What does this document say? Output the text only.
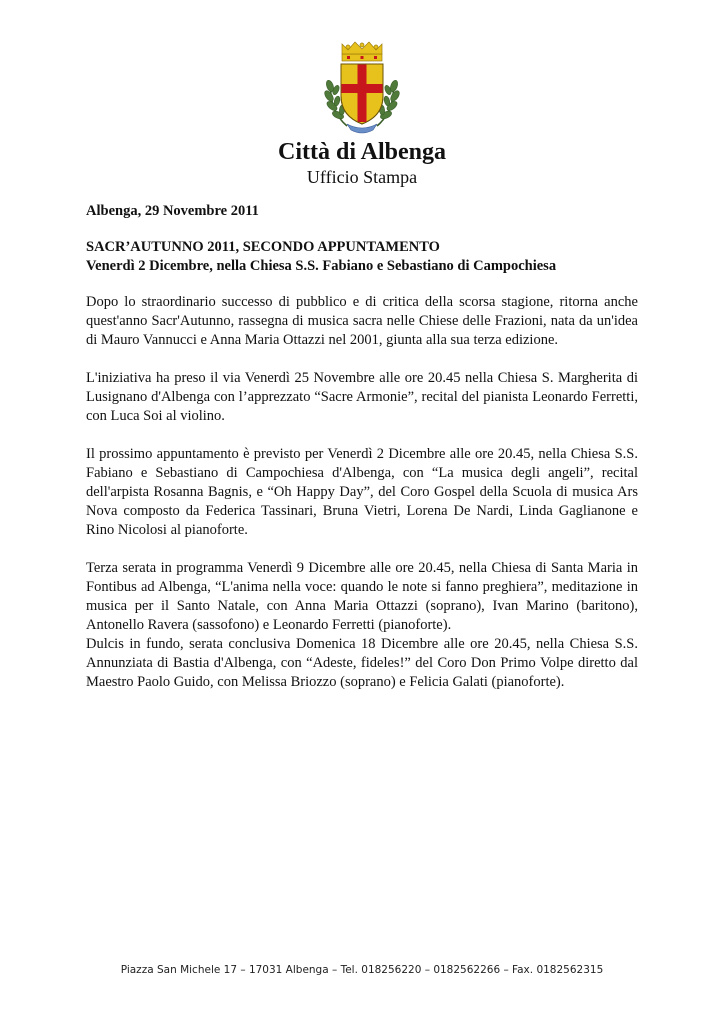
Città di Albenga
Ufficio Stampa

Albenga, 29 Novembre 2011

SACR’AUTUNNO 2011, SECONDO APPUNTAMENTO
Venerdì 2 Dicembre, nella Chiesa S.S. Fabiano e Sebastiano di Campochiesa

Dopo lo straordinario successo di pubblico e di critica della scorsa stagione, ritorna anche quest'anno Sacr'Autunno, rassegna di musica sacra nelle Chiese delle Frazioni, nata da un'idea di Mauro Vannucci e Anna Maria Ottazzi nel 2001, giunta alla sua terza edizione.

L'iniziativa ha preso il via Venerdì 25 Novembre alle ore 20.45 nella Chiesa S. Margherita di Lusignano d'Albenga con l’apprezzato “Sacre Armonie”, recital del pianista Leonardo Ferretti, con Luca Soi al violino.

Il prossimo appuntamento è previsto per Venerdì 2 Dicembre alle ore 20.45, nella Chiesa S.S. Fabiano e Sebastiano di Campochiesa d'Albenga, con “La musica degli angeli”, recital dell'arpista Rosanna Bagnis, e “Oh Happy Day”, del Coro Gospel della Scuola di musica Ars Nova composto da Federica Tassinari, Bruna Vietri, Lorena De Nardi, Linda Gaglianone e Rino Nicolosi al pianoforte.

Terza serata in programma Venerdì 9 Dicembre alle ore 20.45, nella Chiesa di Santa Maria in Fontibus ad Albenga, “L'anima nella voce: quando le note si fanno preghiera”, meditazione in musica per il Santo Natale, con Anna Maria Ottazzi (soprano), Ivan Marino (baritono), Antonello Ravera (sassofono) e Leonardo Ferretti (pianoforte).

Dulcis in fundo, serata conclusiva Domenica 18 Dicembre alle ore 20.45, nella Chiesa S.S. Annunziata di Bastia d'Albenga, con “Adeste, fideles!” del Coro Don Primo Volpe diretto dal Maestro Paolo Guido, con Melissa Briozzo (soprano) e Felicia Galati (pianoforte).

Piazza San Michele 17 – 17031 Albenga – Tel. 018256220 – 0182562266 – Fax. 0182562315
